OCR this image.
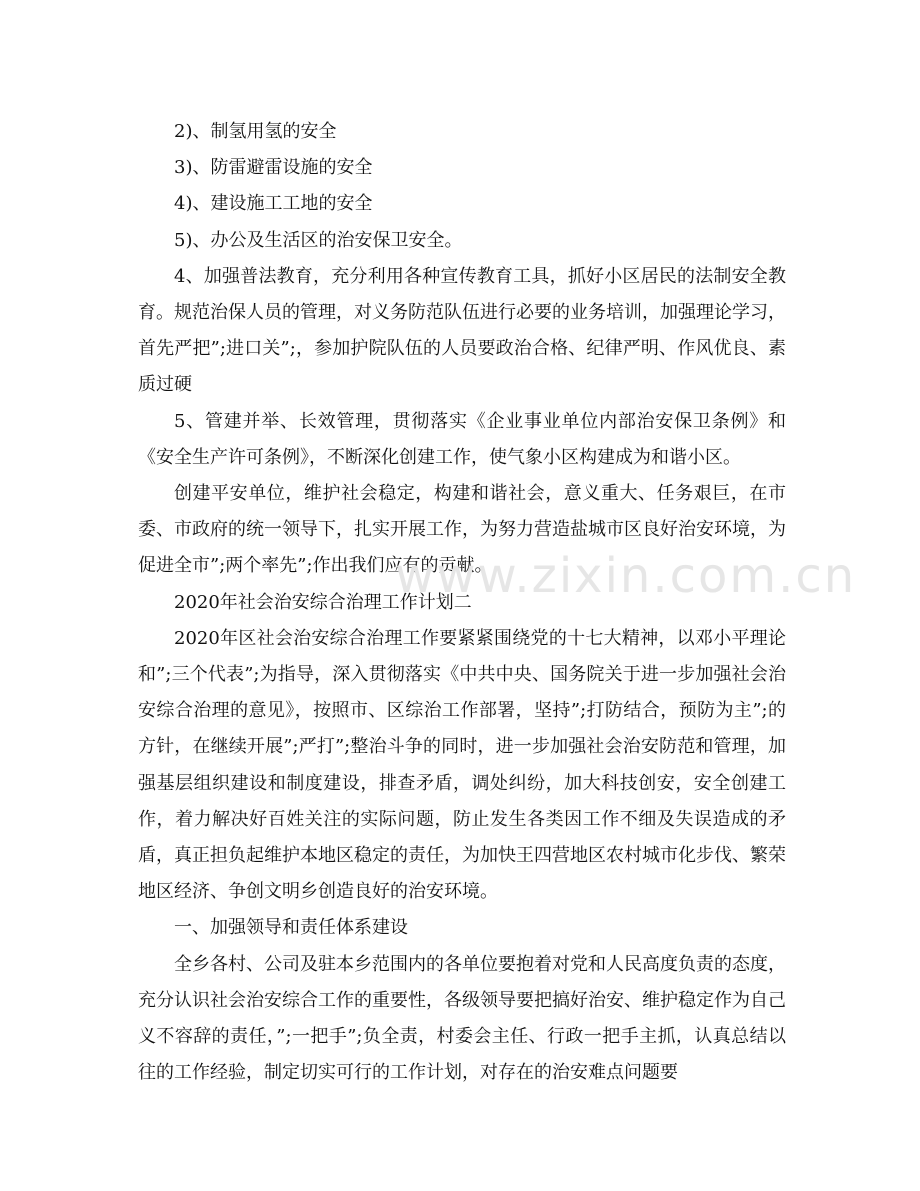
2)、制氢用氢的安全

3)、防雷避雷设施的安全

4)、建设施工工地的安全

5)、办公及生活区的治安保卫安全。

4、加强普法教育，充分利用各种宣传教育工具，抓好小区居民的法制安全教育。规范治保人员的管理，对义务防范队伍进行必要的业务培训，加强理论学习，首先严把”;进口关”;，参加护院队伍的人员要政治合格、纪律严明、作风优良、素质过硬

5、管建并举、长效管理，贯彻落实《企业事业单位内部治安保卫条例》和《安全生产许可条例》，不断深化创建工作，使气象小区构建成为和谐小区。

创建平安单位，维护社会稳定，构建和谐社会，意义重大、任务艰巨，在市委、市政府的统一领导下，扎实开展工作，为努力营造盐城市区良好治安环境，为促进全市”;两个率先”;作出我们应有的贡献。

2020年社会治安综合治理工作计划二

2020年区社会治安综合治理工作要紧紧围绕党的十七大精神，以邓小平理论和”;三个代表”;为指导，深入贯彻落实《中共中央、国务院关于进一步加强社会治安综合治理的意见》，按照市、区综治工作部署，坚持”;打防结合，预防为主”;的方针，在继续开展”;严打”;整治斗争的同时，进一步加强社会治安防范和管理，加强基层组织建设和制度建设，排查矛盾，调处纠纷，加大科技创安，安全创建工作，着力解决好百姓关注的实际问题，防止发生各类因工作不细及失误造成的矛盾，真正担负起维护本地区稳定的责任，为加快王四营地区农村城市化步伐、繁荣地区经济、争创文明乡创造良好的治安环境。

一、加强领导和责任体系建设

全乡各村、公司及驻本乡范围内的各单位要抱着对党和人民高度负责的态度，充分认识社会治安综合工作的重要性，各级领导要把搞好治安、维护稳定作为自己义不容辞的责任，”;一把手”;负全责，村委会主任、行政一把手主抓，认真总结以往的工作经验，制定切实可行的工作计划，对存在的治安难点问题要

www.zixin.com.cn
